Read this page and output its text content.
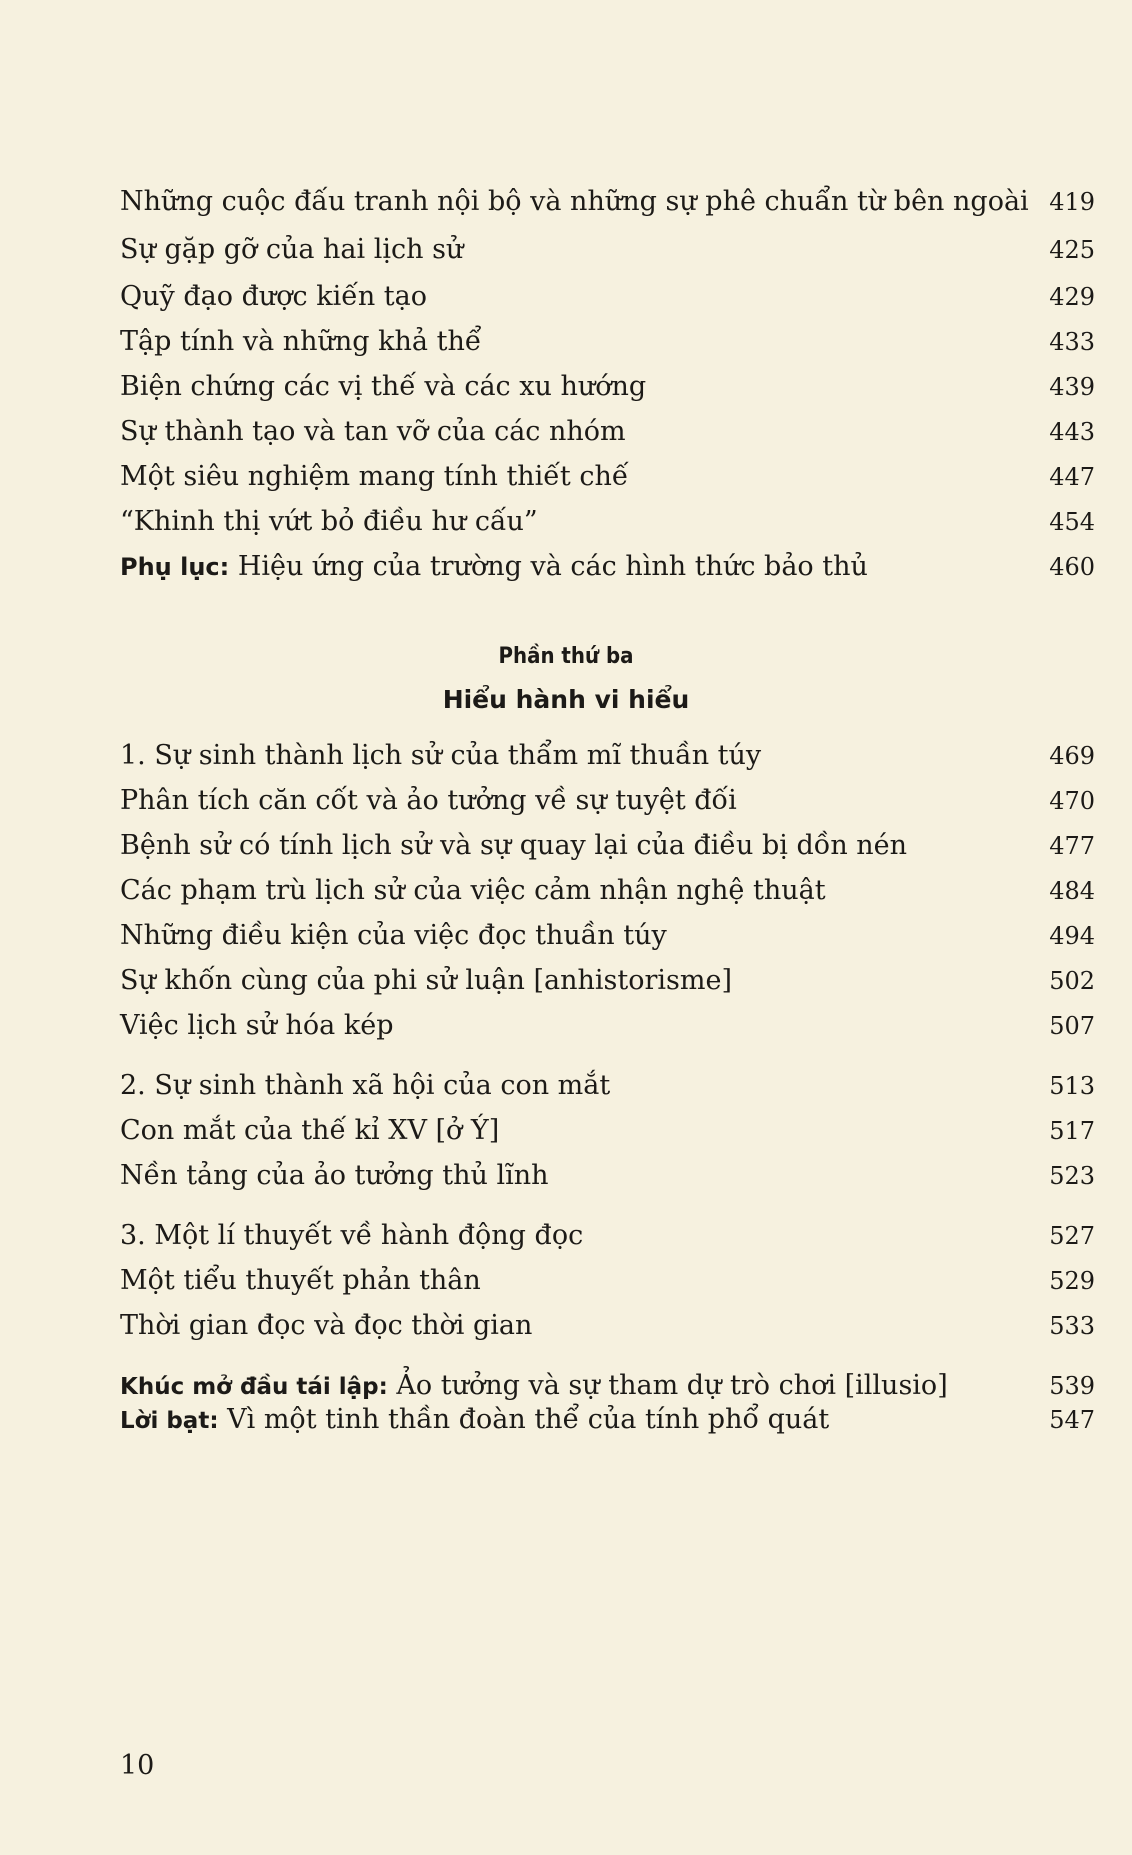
Những cuộc đấu tranh nội bộ và những sự phê chuẩn từ bên ngoài 419
Sự gặp gỡ của hai lịch sử	425
Quỹ đạo được kiến tạo	429
Tập tính và những khả thể	433
Biện chứng các vị thế và các xu hướng	439
Sự thành tạo và tan vỡ của các nhóm	443
Một siêu nghiệm mang tính thiết chế	447
“Khinh thị vứt bỏ điều hư cấu”	454
Phụ lục: Hiệu ứng của trường và các hình thức bảo thủ	460
Phần thứ ba
Hiểu hành vi hiểu
1. Sự sinh thành lịch sử của thẩm mĩ thuần túy	469
Phân tích căn cốt và ảo tưởng về sự tuyệt đối	470
Bệnh sử có tính lịch sử và sự quay lại của điều bị dồn nén	477
Các phạm trù lịch sử của việc cảm nhận nghệ thuật	484
Những điều kiện của việc đọc thuần túy	494
Sự khốn cùng của phi sử luận [anhistorisme]	502
Việc lịch sử hóa kép	507
2. Sự sinh thành xã hội của con mắt	513
Con mắt của thế kỉ XV [ở Ý]	517
Nền tảng của ảo tưởng thủ lĩnh	523
3. Một lí thuyết về hành động đọc	527
Một tiểu thuyết phản thân	529
Thời gian đọc và đọc thời gian	533
Khúc mở đầu tái lập: Ảo tưởng và sự tham dự trò chơi [illusio]	539
Lời bạt: Vì một tinh thần đoàn thể của tính phổ quát	547
10
